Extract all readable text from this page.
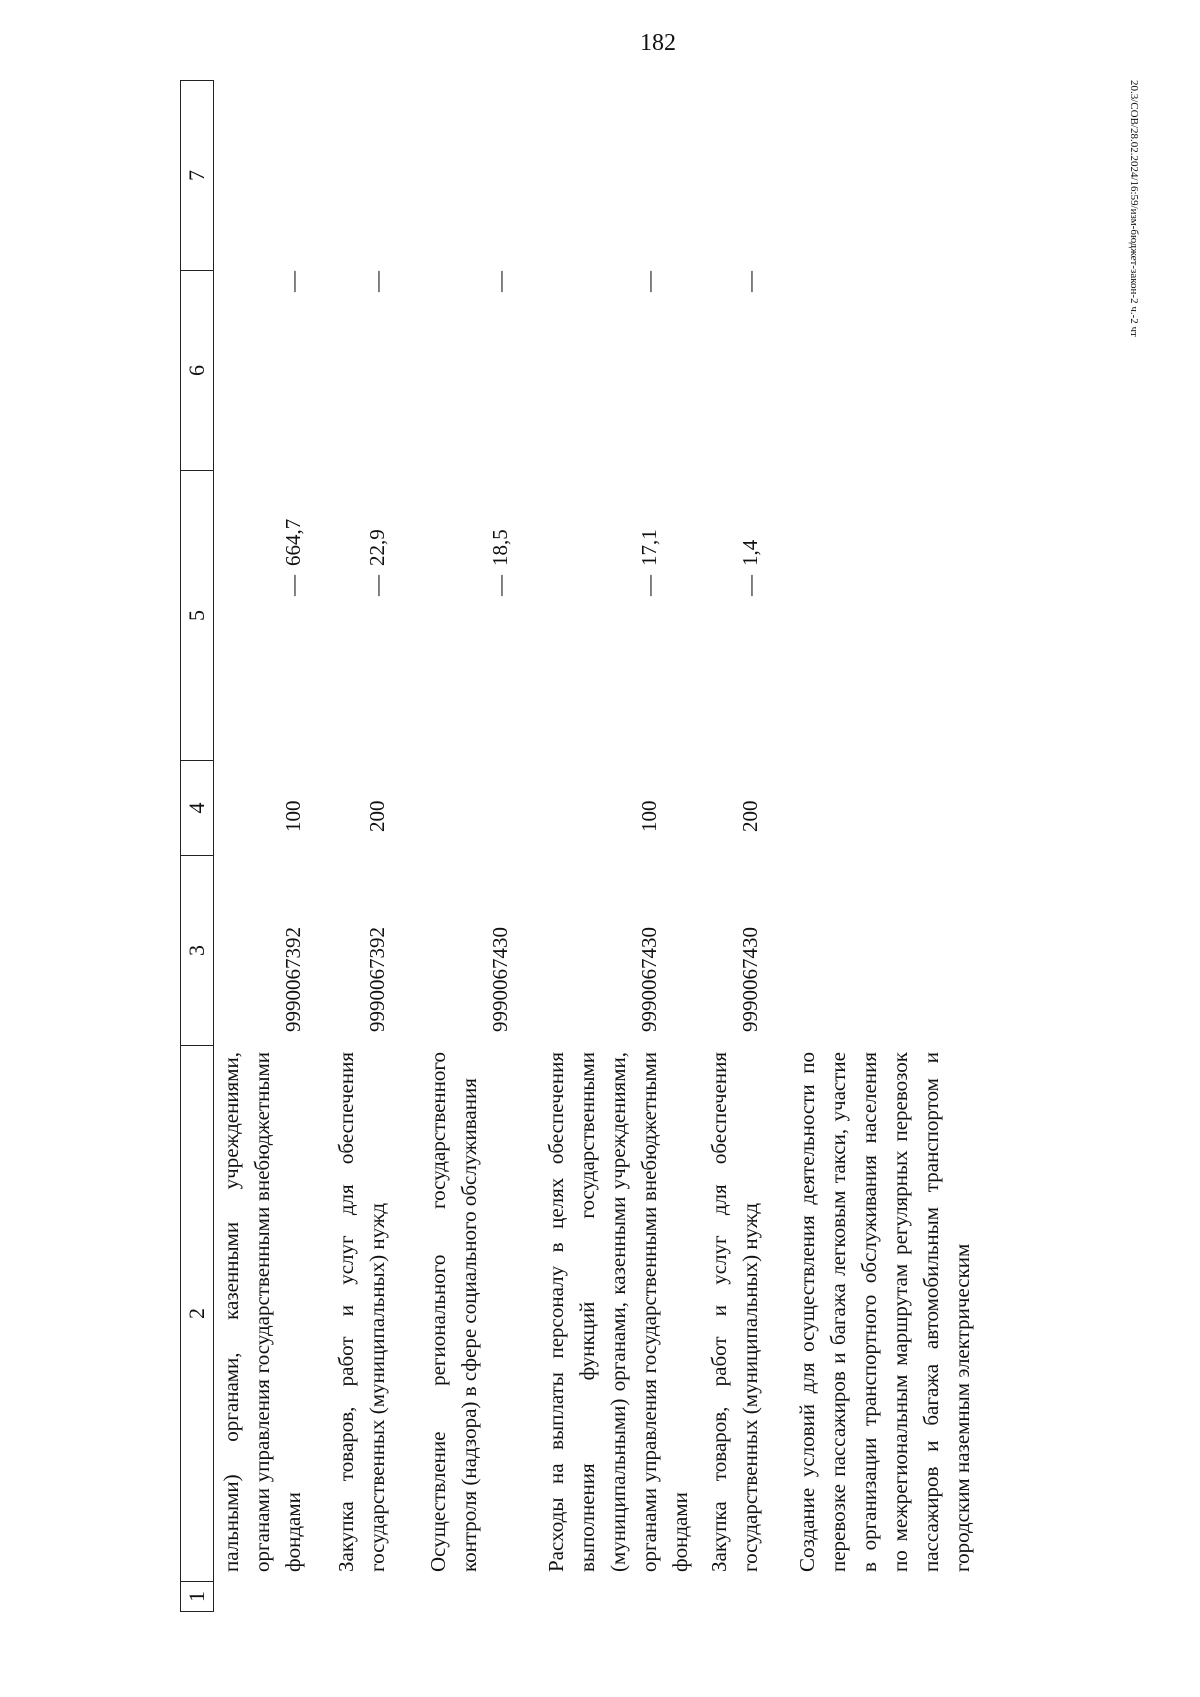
182
20.3/СОВ/28.02.2024/16:59/изм-бюджет-закон-2 ч.-2 чт
1
2
3
4
5
6
7
пальными) органами, казенными учреждениями, органами управления государственными внебюджетными фондами
9990067392
100
664,7
—
—
Закупка товаров, работ и услуг для обеспечения государственных (муниципальных) нужд
9990067392
200
22,9
—
—
Осуществление регионального государственного контроля (надзора) в сфере социального обслуживания
9990067430
18,5
—
—
Расходы на выплаты персоналу в целях обеспечения выполнения функций государственными (муниципальными) органами, казенными учреждениями, органами управления государственными внебюджетными фондами
9990067430
100
17,1
—
—
Закупка товаров, работ и услуг для обеспечения государственных (муниципальных) нужд
9990067430
200
1,4
—
—
Создание условий для осуществления деятельности по перевозке пассажиров и багажа легковым такси, участие в организации транспортного обслуживания населения по межрегиональным маршрутам регулярных перевозок пассажиров и багажа автомобильным транспортом и городским наземным электрическим
